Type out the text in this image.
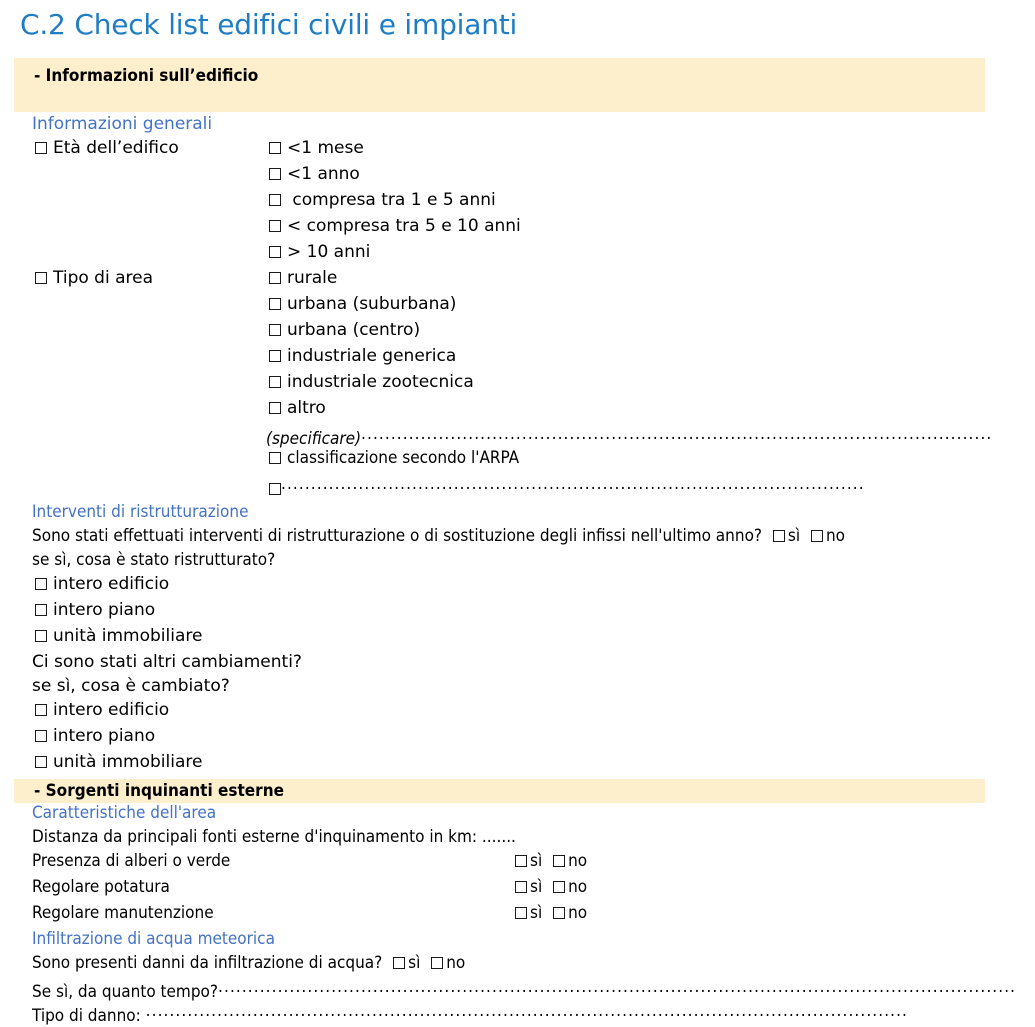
C.2 Check list edifici civili e impianti
- Informazioni sull’edificio
Informazioni generali
Età dell’edifico	<1 mese
<1 anno
compresa tra 1 e 5 anni
< compresa tra 5 e 10 anni
> 10 anni
Tipo di area	rurale
urbana (suburbana)
urbana (centro)
industriale generica
industriale zootecnica
altro
(specificare)..........................................................................................................
classificazione secondo l'ARPA
..................................................................................................
Interventi di ristrutturazione
Sono stati effettuati interventi di ristrutturazione o di sostituzione degli infissi nell'ultimo anno? sì no
se sì, cosa è stato ristrutturato?
intero edificio
intero piano
unità immobiliare
Ci sono stati altri cambiamenti?
se sì, cosa è cambiato?
intero edificio
intero piano
unità immobiliare
- Sorgenti inquinanti esterne
Caratteristiche dell'area
Distanza da principali fonti esterne d'inquinamento in km: .......
Presenza di alberi o verde	sì no
Regolare potatura	sì no
Regolare manutenzione	sì no
Infiltrazione di acqua meteorica
Sono presenti danni da infiltrazione di acqua? sì no
Se sì, da quanto tempo?......................................................................................................................................
Tipo di danno: ................................................................................................................................
